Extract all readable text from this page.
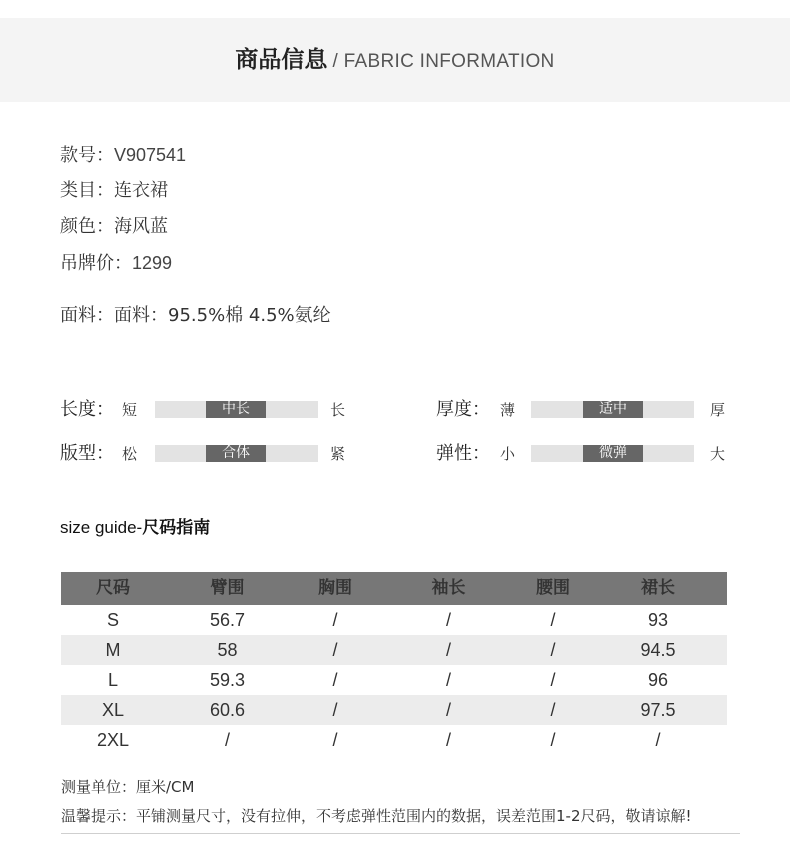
商品信息 / FABRIC INFORMATION
款号：V907541
类目：连衣裙
颜色：海风蓝
吊牌价：1299
面料：面料：95.5%棉 4.5%氨纶
长度： 短	中长	长
版型： 松	合体	紧
厚度： 薄	适中	厚
弹性： 小	微弹	大
size guide-尺码指南
尺码	臂围	胸围	袖长	腰围	裙长
S	56.7	/	/	/	93
M	58	/	/	/	94.5
L	59.3	/	/	/	96
XL	60.6	/	/	/	97.5
2XL	/	/	/	/	/
测量单位：厘米/CM
温馨提示：平铺测量尺寸，没有拉伸，不考虑弹性范围内的数据，误差范围1-2尺码，敬请谅解!
